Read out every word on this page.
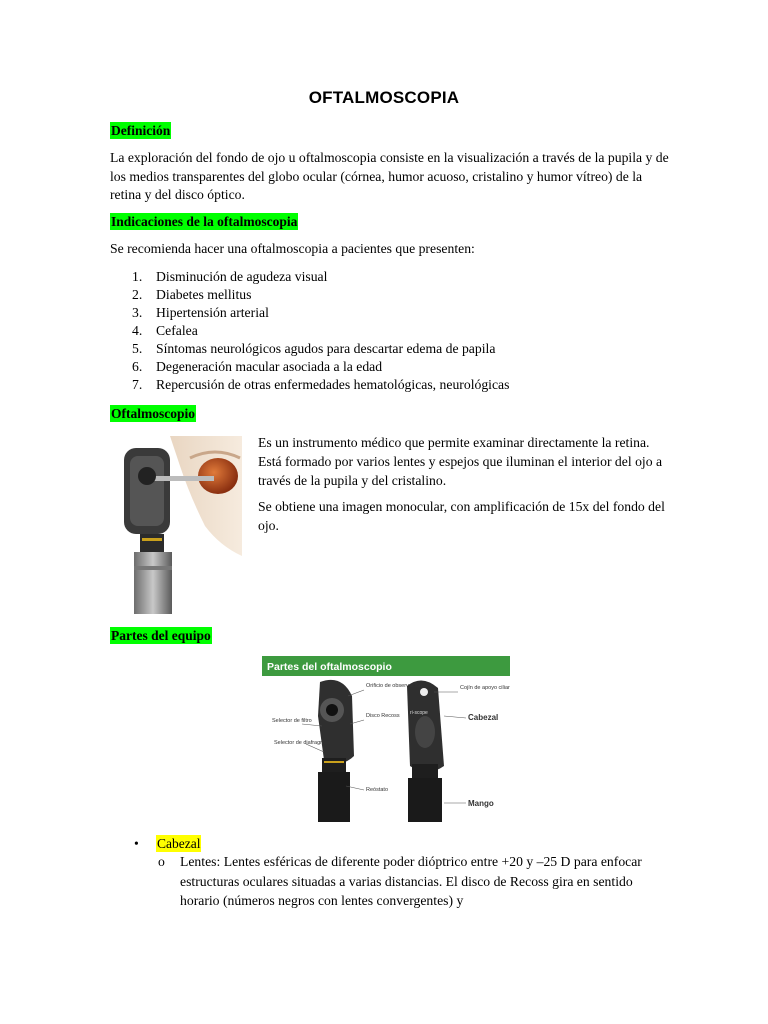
OFTALMOSCOPIA
Definición
La exploración del fondo de ojo u oftalmoscopia consiste en la visualización a través de la pupila y de los medios transparentes del globo ocular (córnea, humor acuoso, cristalino y humor vítreo) de la retina y del disco óptico.
Indicaciones de la oftalmoscopia
Se recomienda hacer una oftalmoscopia a pacientes que presenten:
1. Disminución de agudeza visual
2. Diabetes mellitus
3. Hipertensión arterial
4. Cefalea
5. Síntomas neurológicos agudos para descartar edema de papila
6. Degeneración macular asociada a la edad
7. Repercusión de otras enfermedades hematológicas, neurológicas
Oftalmoscopio
Es un instrumento médico que permite examinar directamente la retina. Está formado por varios lentes y espejos que iluminan el interior del ojo a través de la pupila y del cristalino.
Se obtiene una imagen monocular, con amplificación de 15x del fondo del ojo.
Partes del equipo
Partes del oftalmoscopio
Orificio de observación	Cojín de apoyo ciliar
Selector de filtro
Disco Recoss
Selector de diafragmas
Reóstato
Cabezal
Mango
ri-scope
• Cabezal
o Lentes: Lentes esféricas de diferente poder dióptrico entre +20 y –25 D para enfocar estructuras oculares situadas a varias distancias. El disco de Recoss gira en sentido horario (números negros con lentes convergentes) y
